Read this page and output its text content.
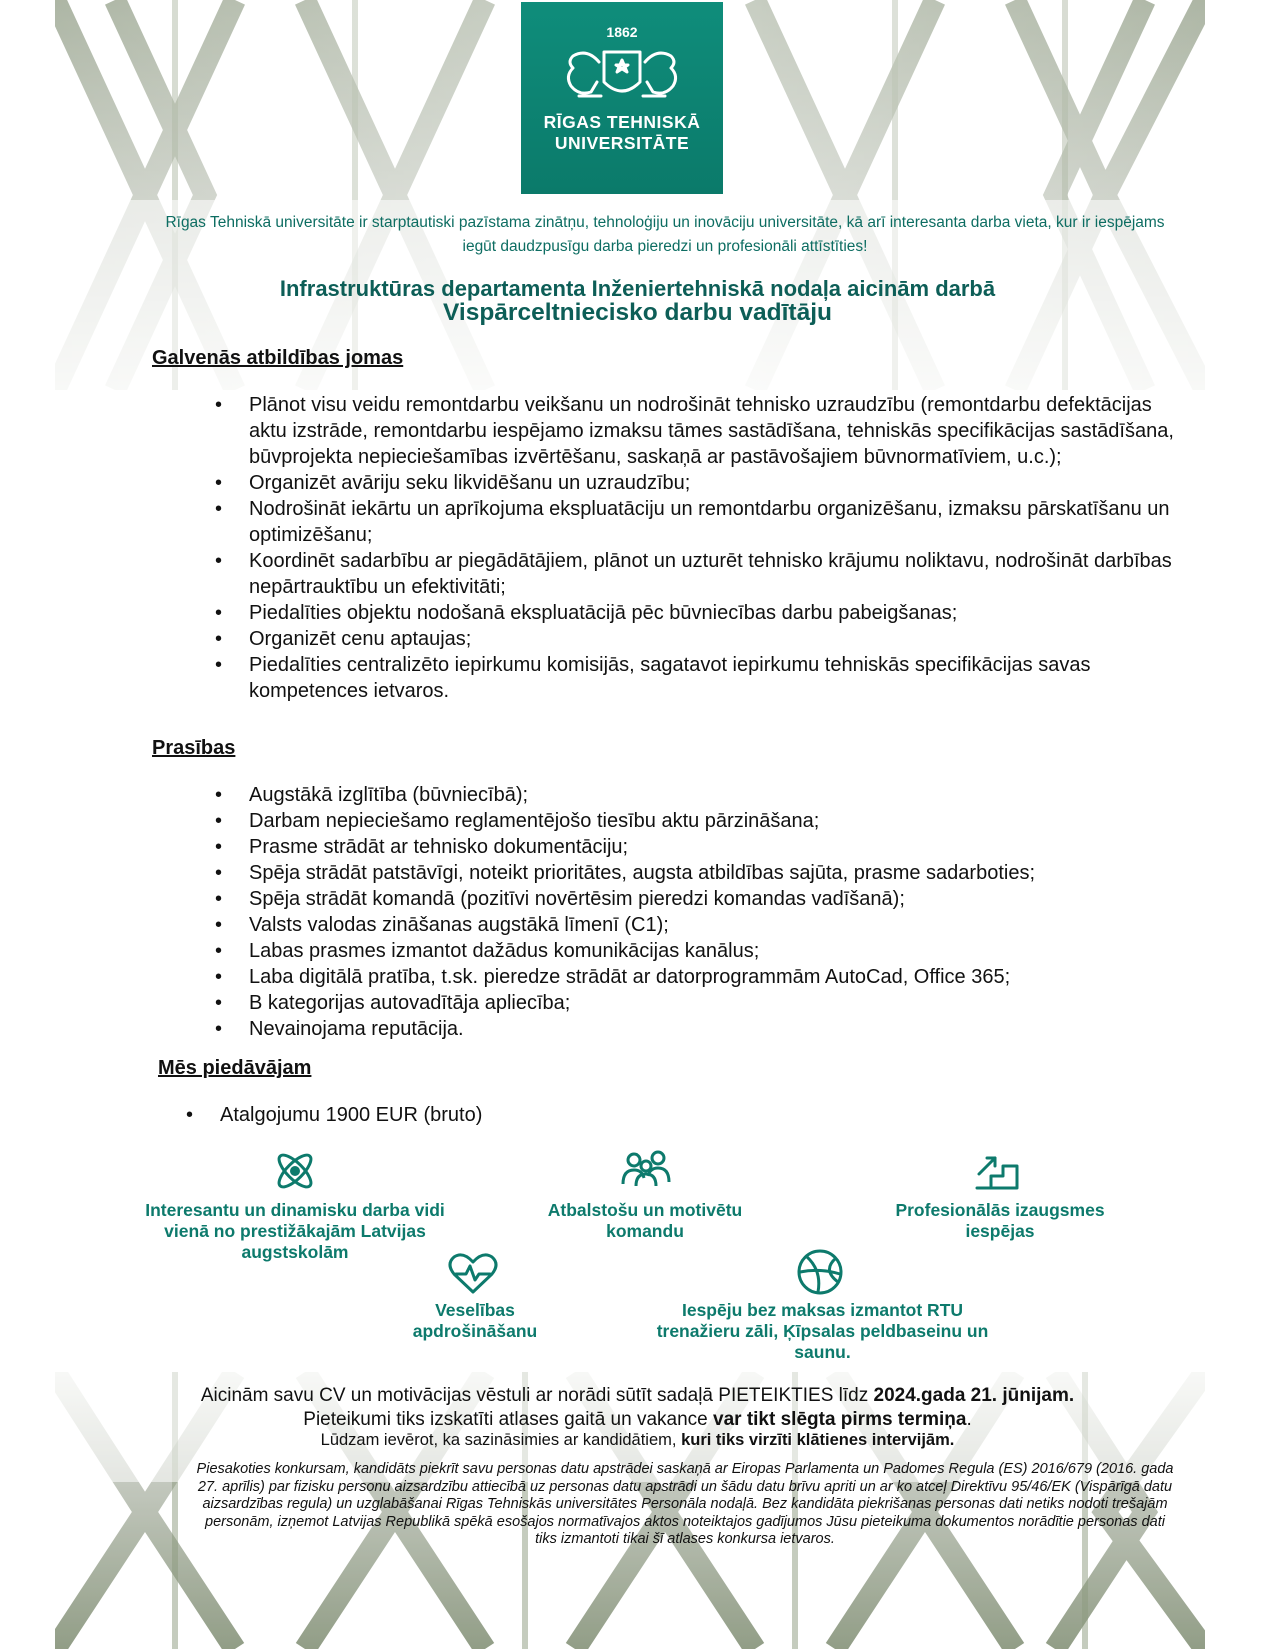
1862
RĪGAS TEHNISKĀ
UNIVERSITĀTE
Rīgas Tehniskā universitāte ir starptautiski pazīstama zinātņu, tehnoloģiju un inovāciju universitāte, kā arī interesanta darba vieta, kur ir iespējams iegūt daudzpusīgu darba pieredzi un profesionāli attīstīties!
Infrastruktūras departamenta Inženiertehniskā nodaļa aicinām darbā
Vispārceltniecisko darbu vadītāju
Galvenās atbildības jomas
• Plānot visu veidu remontdarbu veikšanu un nodrošināt tehnisko uzraudzību (remontdarbu defektācijas aktu izstrāde, remontdarbu iespējamo izmaksu tāmes sastādīšana, tehniskās specifikācijas sastādīšana, būvprojekta nepieciešamības izvērtēšanu, saskaņā ar pastāvošajiem būvnormatīviem, u.c.);
• Organizēt avāriju seku likvidēšanu un uzraudzību;
• Nodrošināt iekārtu un aprīkojuma ekspluatāciju un remontdarbu organizēšanu, izmaksu pārskatīšanu un optimizēšanu;
• Koordinēt sadarbību ar piegādātājiem, plānot un uzturēt tehnisko krājumu noliktavu, nodrošināt darbības nepārtrauktību un efektivitāti;
• Piedalīties objektu nodošanā ekspluatācijā pēc būvniecības darbu pabeigšanas;
• Organizēt cenu aptaujas;
• Piedalīties centralizēto iepirkumu komisijās, sagatavot iepirkumu tehniskās specifikācijas savas kompetences ietvaros.
Prasības
• Augstākā izglītība (būvniecībā);
• Darbam nepieciešamo reglamentējošo tiesību aktu pārzināšana;
• Prasme strādāt ar tehnisko dokumentāciju;
• Spēja strādāt patstāvīgi, noteikt prioritātes, augsta atbildības sajūta, prasme sadarboties;
• Spēja strādāt komandā (pozitīvi novērtēsim pieredzi komandas vadīšanā);
• Valsts valodas zināšanas augstākā līmenī (C1);
• Labas prasmes izmantot dažādus komunikācijas kanālus;
• Laba digitālā pratība, t.sk. pieredze strādāt ar datorprogrammām AutoCad, Office 365;
• B kategorijas autovadītāja apliecība;
• Nevainojama reputācija.
Mēs piedāvājam
• Atalgojumu 1900 EUR (bruto)
Interesantu un dinamisku darba vidi vienā no prestižākajām Latvijas augstskolām
Atbalstošu un motivētu komandu
Profesionālās izaugsmes iespējas
Veselības apdrošināšanu
Iespēju bez maksas izmantot RTU trenažieru zāli, Ķīpsalas peldbaseinu un saunu.
Aicinām savu CV un motivācijas vēstuli ar norādi sūtīt sadaļā PIETEIKTIES līdz 2024.gada 21. jūnijam.
Pieteikumi tiks izskatīti atlases gaitā un vakance var tikt slēgta pirms termiņa.
Lūdzam ievērot, ka sazināsimies ar kandidātiem, kuri tiks virzīti klātienes intervijām.
Piesakoties konkursam, kandidāts piekrīt savu personas datu apstrādei saskaņā ar Eiropas Parlamenta un Padomes Regula (ES) 2016/679 (2016. gada 27. aprīlis) par fizisku personu aizsardzību attiecībā uz personas datu apstrādi un šādu datu brīvu apriti un ar ko atceļ Direktīvu 95/46/EK (Vispārīgā datu aizsardzības regula) un uzglabāšanai Rīgas Tehniskās universitātes Personāla nodaļā. Bez kandidāta piekrišanas personas dati netiks nodoti trešajām personām, izņemot Latvijas Republikā spēkā esošajos normatīvajos aktos noteiktajos gadījumos Jūsu pieteikuma dokumentos norādītie personas dati tiks izmantoti tikai šī atlases konkursa ietvaros.
